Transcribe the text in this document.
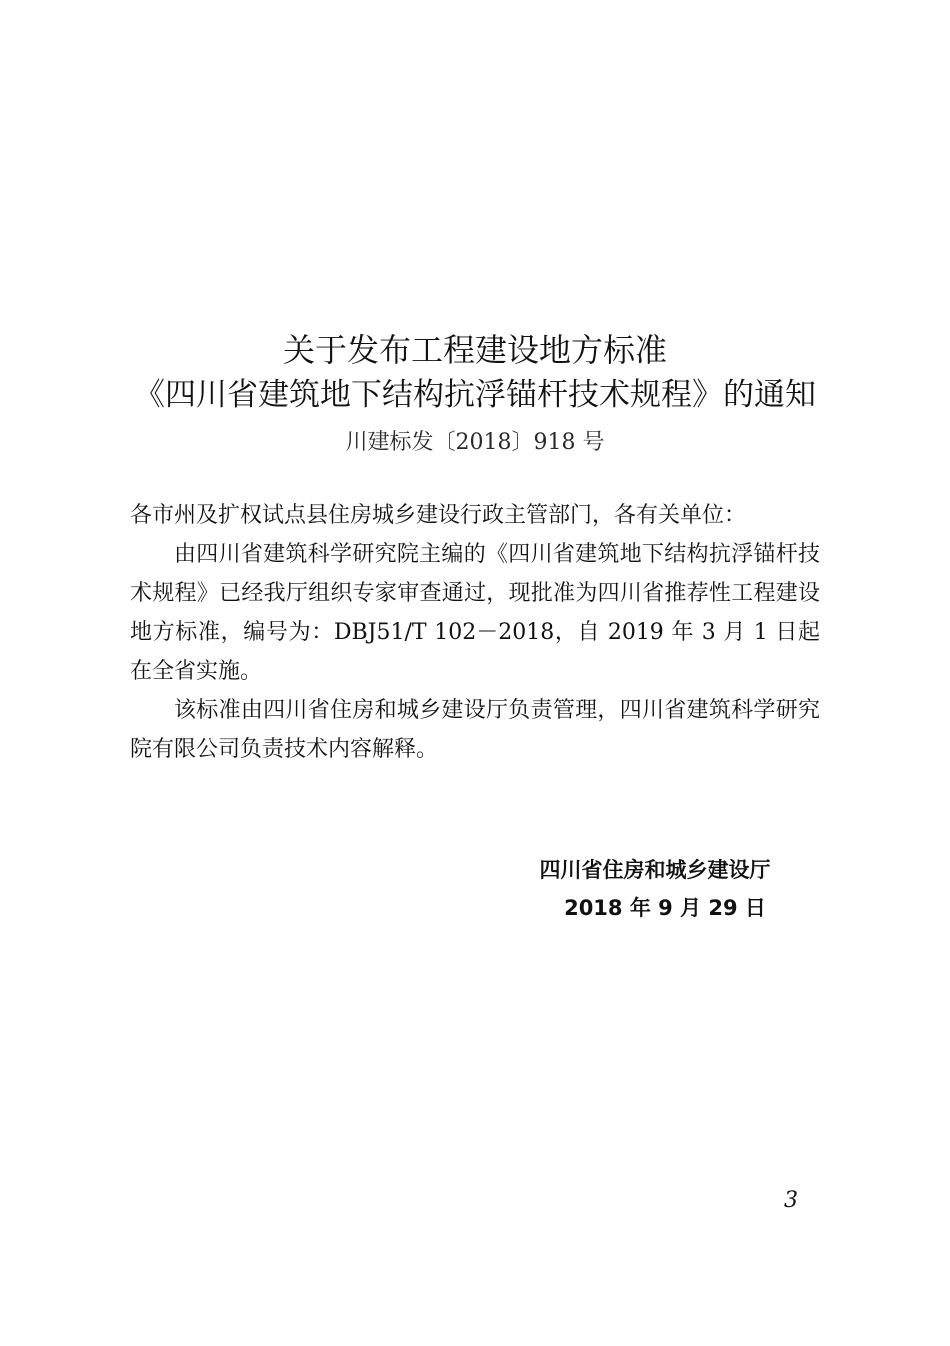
关于发布工程建设地方标准
《四川省建筑地下结构抗浮锚杆技术规程》的通知
川建标发〔2018〕918 号

各市州及扩权试点县住房城乡建设行政主管部门，各有关单位：

由四川省建筑科学研究院主编的《四川省建筑地下结构抗浮锚杆技术规程》已经我厅组织专家审查通过，现批准为四川省推荐性工程建设地方标准，编号为：DBJ51/T 102－2018，自 2019 年 3 月 1 日起在全省实施。

该标准由四川省住房和城乡建设厅负责管理，四川省建筑科学研究院有限公司负责技术内容解释。

四川省住房和城乡建设厅
2018 年 9 月 29 日
3
